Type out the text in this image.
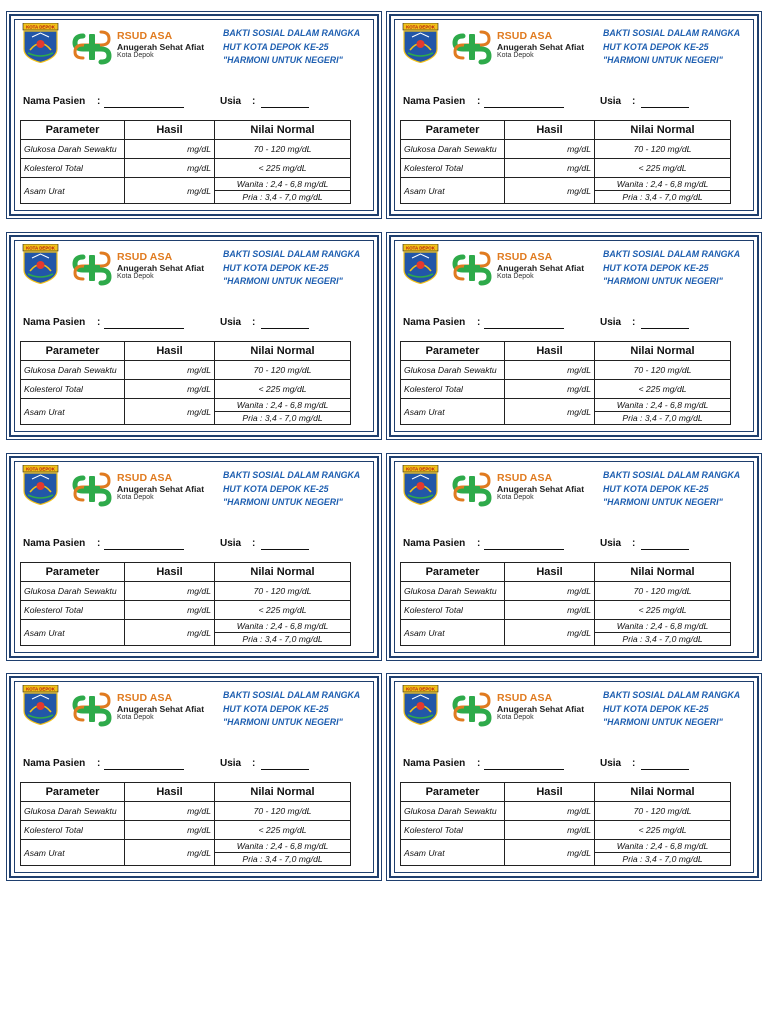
KOTA DEPOK
RSUD ASA
Anugerah Sehat Afiat
Kota Depok
BAKTI SOSIAL DALAM RANGKA
HUT KOTA DEPOK KE-25
"HARMONI UNTUK NEGERI"
Nama Pasien :	Usia :
Parameter	Hasil	Nilai Normal
Glukosa Darah Sewaktu	mg/dL	70 - 120 mg/dL
Kolesterol Total	mg/dL	< 225 mg/dL
Asam Urat	mg/dL	Wanita : 2,4 - 6,8 mg/dL
Pria : 3,4 - 7,0 mg/dL
KOTA DEPOK
RSUD ASA
Anugerah Sehat Afiat
Kota Depok
BAKTI SOSIAL DALAM RANGKA
HUT KOTA DEPOK KE-25
"HARMONI UNTUK NEGERI"
Nama Pasien :	Usia :
Parameter	Hasil	Nilai Normal
Glukosa Darah Sewaktu	mg/dL	70 - 120 mg/dL
Kolesterol Total	mg/dL	< 225 mg/dL
Asam Urat	mg/dL	Wanita : 2,4 - 6,8 mg/dL
Pria : 3,4 - 7,0 mg/dL
KOTA DEPOK
RSUD ASA
Anugerah Sehat Afiat
Kota Depok
BAKTI SOSIAL DALAM RANGKA
HUT KOTA DEPOK KE-25
"HARMONI UNTUK NEGERI"
Nama Pasien :	Usia :
Parameter	Hasil	Nilai Normal
Glukosa Darah Sewaktu	mg/dL	70 - 120 mg/dL
Kolesterol Total	mg/dL	< 225 mg/dL
Asam Urat	mg/dL	Wanita : 2,4 - 6,8 mg/dL
Pria : 3,4 - 7,0 mg/dL
KOTA DEPOK
RSUD ASA
Anugerah Sehat Afiat
Kota Depok
BAKTI SOSIAL DALAM RANGKA
HUT KOTA DEPOK KE-25
"HARMONI UNTUK NEGERI"
Nama Pasien :	Usia :
Parameter	Hasil	Nilai Normal
Glukosa Darah Sewaktu	mg/dL	70 - 120 mg/dL
Kolesterol Total	mg/dL	< 225 mg/dL
Asam Urat	mg/dL	Wanita : 2,4 - 6,8 mg/dL
Pria : 3,4 - 7,0 mg/dL
KOTA DEPOK
RSUD ASA
Anugerah Sehat Afiat
Kota Depok
BAKTI SOSIAL DALAM RANGKA
HUT KOTA DEPOK KE-25
"HARMONI UNTUK NEGERI"
Nama Pasien :	Usia :
Parameter	Hasil	Nilai Normal
Glukosa Darah Sewaktu	mg/dL	70 - 120 mg/dL
Kolesterol Total	mg/dL	< 225 mg/dL
Asam Urat	mg/dL	Wanita : 2,4 - 6,8 mg/dL
Pria : 3,4 - 7,0 mg/dL
KOTA DEPOK
RSUD ASA
Anugerah Sehat Afiat
Kota Depok
BAKTI SOSIAL DALAM RANGKA
HUT KOTA DEPOK KE-25
"HARMONI UNTUK NEGERI"
Nama Pasien :	Usia :
Parameter	Hasil	Nilai Normal
Glukosa Darah Sewaktu	mg/dL	70 - 120 mg/dL
Kolesterol Total	mg/dL	< 225 mg/dL
Asam Urat	mg/dL	Wanita : 2,4 - 6,8 mg/dL
Pria : 3,4 - 7,0 mg/dL
KOTA DEPOK
RSUD ASA
Anugerah Sehat Afiat
Kota Depok
BAKTI SOSIAL DALAM RANGKA
HUT KOTA DEPOK KE-25
"HARMONI UNTUK NEGERI"
Nama Pasien :	Usia :
Parameter	Hasil	Nilai Normal
Glukosa Darah Sewaktu	mg/dL	70 - 120 mg/dL
Kolesterol Total	mg/dL	< 225 mg/dL
Asam Urat	mg/dL	Wanita : 2,4 - 6,8 mg/dL
Pria : 3,4 - 7,0 mg/dL
KOTA DEPOK
RSUD ASA
Anugerah Sehat Afiat
Kota Depok
BAKTI SOSIAL DALAM RANGKA
HUT KOTA DEPOK KE-25
"HARMONI UNTUK NEGERI"
Nama Pasien :	Usia :
Parameter	Hasil	Nilai Normal
Glukosa Darah Sewaktu	mg/dL	70 - 120 mg/dL
Kolesterol Total	mg/dL	< 225 mg/dL
Asam Urat	mg/dL	Wanita : 2,4 - 6,8 mg/dL
Pria : 3,4 - 7,0 mg/dL
